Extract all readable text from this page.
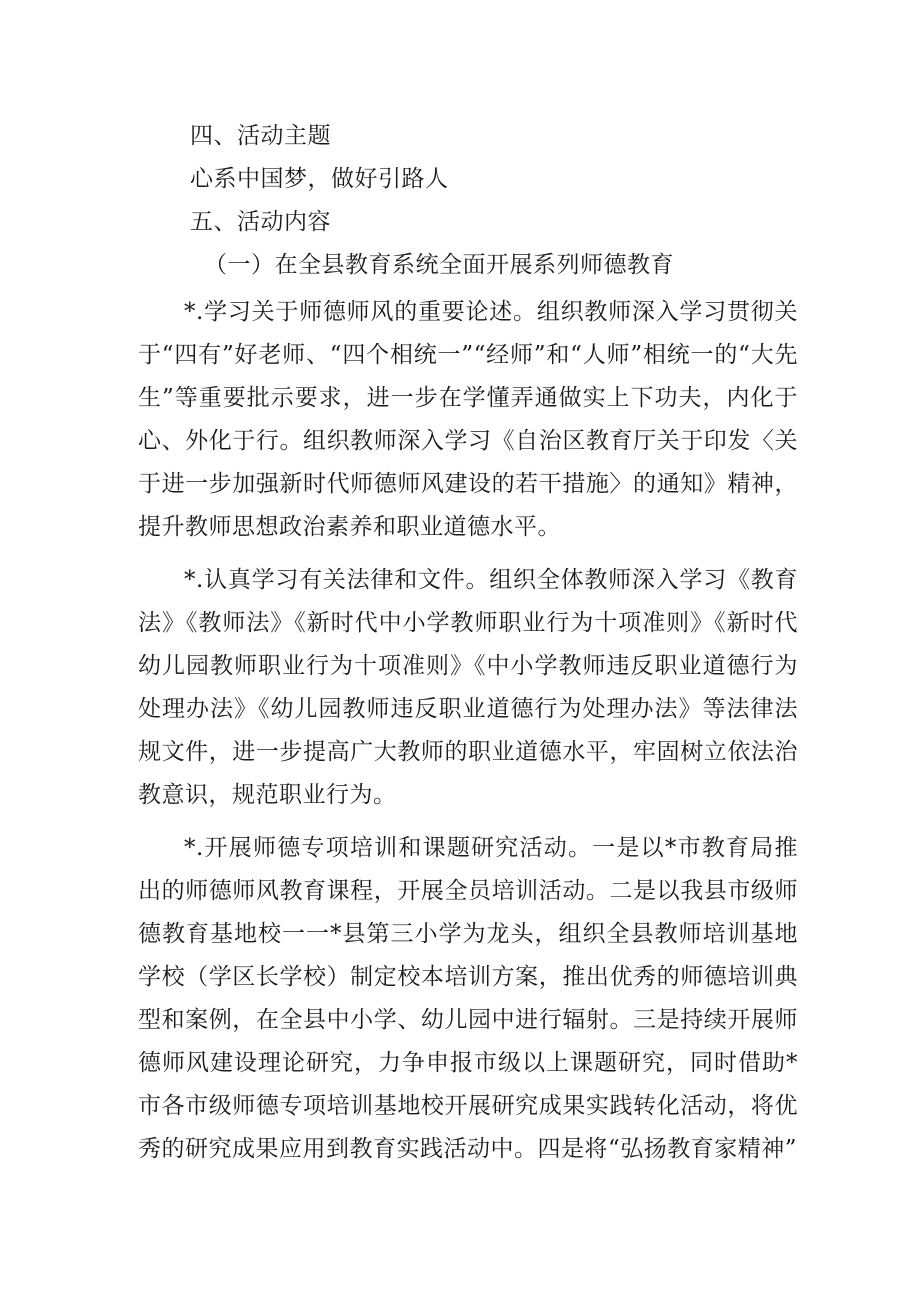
四、活动主题

心系中国梦，做好引路人

五、活动内容

（一）在全县教育系统全面开展系列师德教育

*.学习关于师德师风的重要论述。组织教师深入学习贯彻关于“四有”好老师、“四个相统一”“经师”和“人师”相统一的“大先生”等重要批示要求，进一步在学懂弄通做实上下功夫，内化于心、外化于行。组织教师深入学习《自治区教育厅关于印发〈关于进一步加强新时代师德师风建设的若干措施〉的通知》精神，提升教师思想政治素养和职业道德水平。

*.认真学习有关法律和文件。组织全体教师深入学习《教育法》《教师法》《新时代中小学教师职业行为十项准则》《新时代幼儿园教师职业行为十项准则》《中小学教师违反职业道德行为处理办法》《幼儿园教师违反职业道德行为处理办法》等法律法规文件，进一步提高广大教师的职业道德水平，牢固树立依法治教意识，规范职业行为。

*.开展师德专项培训和课题研究活动。一是以*市教育局推出的师德师风教育课程，开展全员培训活动。二是以我县市级师德教育基地校一一*县第三小学为龙头，组织全县教师培训基地学校（学区长学校）制定校本培训方案，推出优秀的师德培训典型和案例，在全县中小学、幼儿园中进行辐射。三是持续开展师德师风建设理论研究，力争申报市级以上课题研究，同时借助*市各市级师德专项培训基地校开展研究成果实践转化活动，将优秀的研究成果应用到教育实践活动中。四是将“弘扬教育家精神”
